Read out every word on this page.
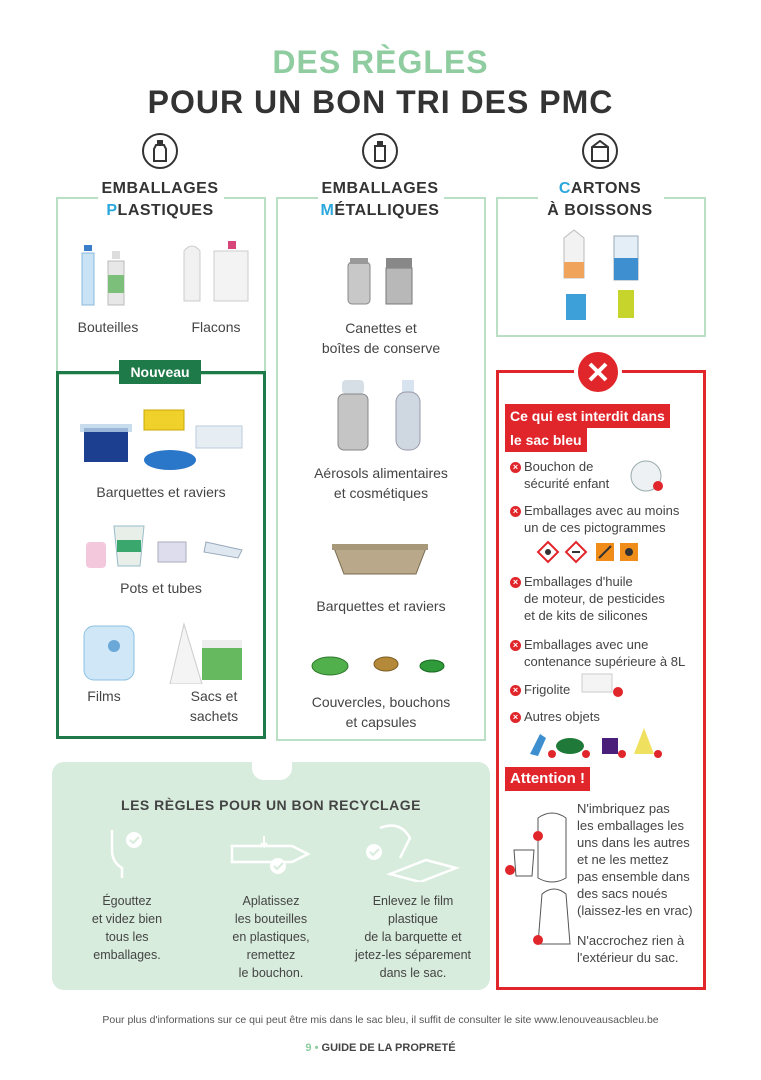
DES RÈGLES
POUR UN BON TRI DES PMC
EMBALLAGES
PLASTIQUES
EMBALLAGES
MÉTALLIQUES
CARTONS
À BOISSONS
Bouteilles	Flacons
Nouveau
Barquettes et raviers
Pots et tubes
Films	Sacs et
sachets
Canettes et
boîtes de conserve
Aérosols alimentaires
et cosmétiques
Barquettes et raviers
Couvercles, bouchons
et capsules
Ce qui est interdit dans
le sac bleu
× Bouchon de
sécurité enfant
× Emballages avec au moins
un de ces pictogrammes
× Emballages d'huile
de moteur, de pesticides
et de kits de silicones
× Emballages avec une
contenance supérieure à 8L
× Frigolite
× Autres objets
Attention !
N'imbriquez pas
les emballages les
uns dans les autres
et ne les mettez
pas ensemble dans
des sacs noués
(laissez-les en vrac)
N'accrochez rien à
l'extérieur du sac.
LES RÈGLES POUR UN BON RECYCLAGE
Égouttez
et videz bien
tous les
emballages.
Aplatissez
les bouteilles
en plastiques,
remettez
le bouchon.
Enlevez le film
plastique
de la barquette et
jetez-les séparement
dans le sac.
Pour plus d'informations sur ce qui peut être mis dans le sac bleu, il suffit de consulter le site www.lenouveausacbleu.be
9 • GUIDE DE LA PROPRETÉ
